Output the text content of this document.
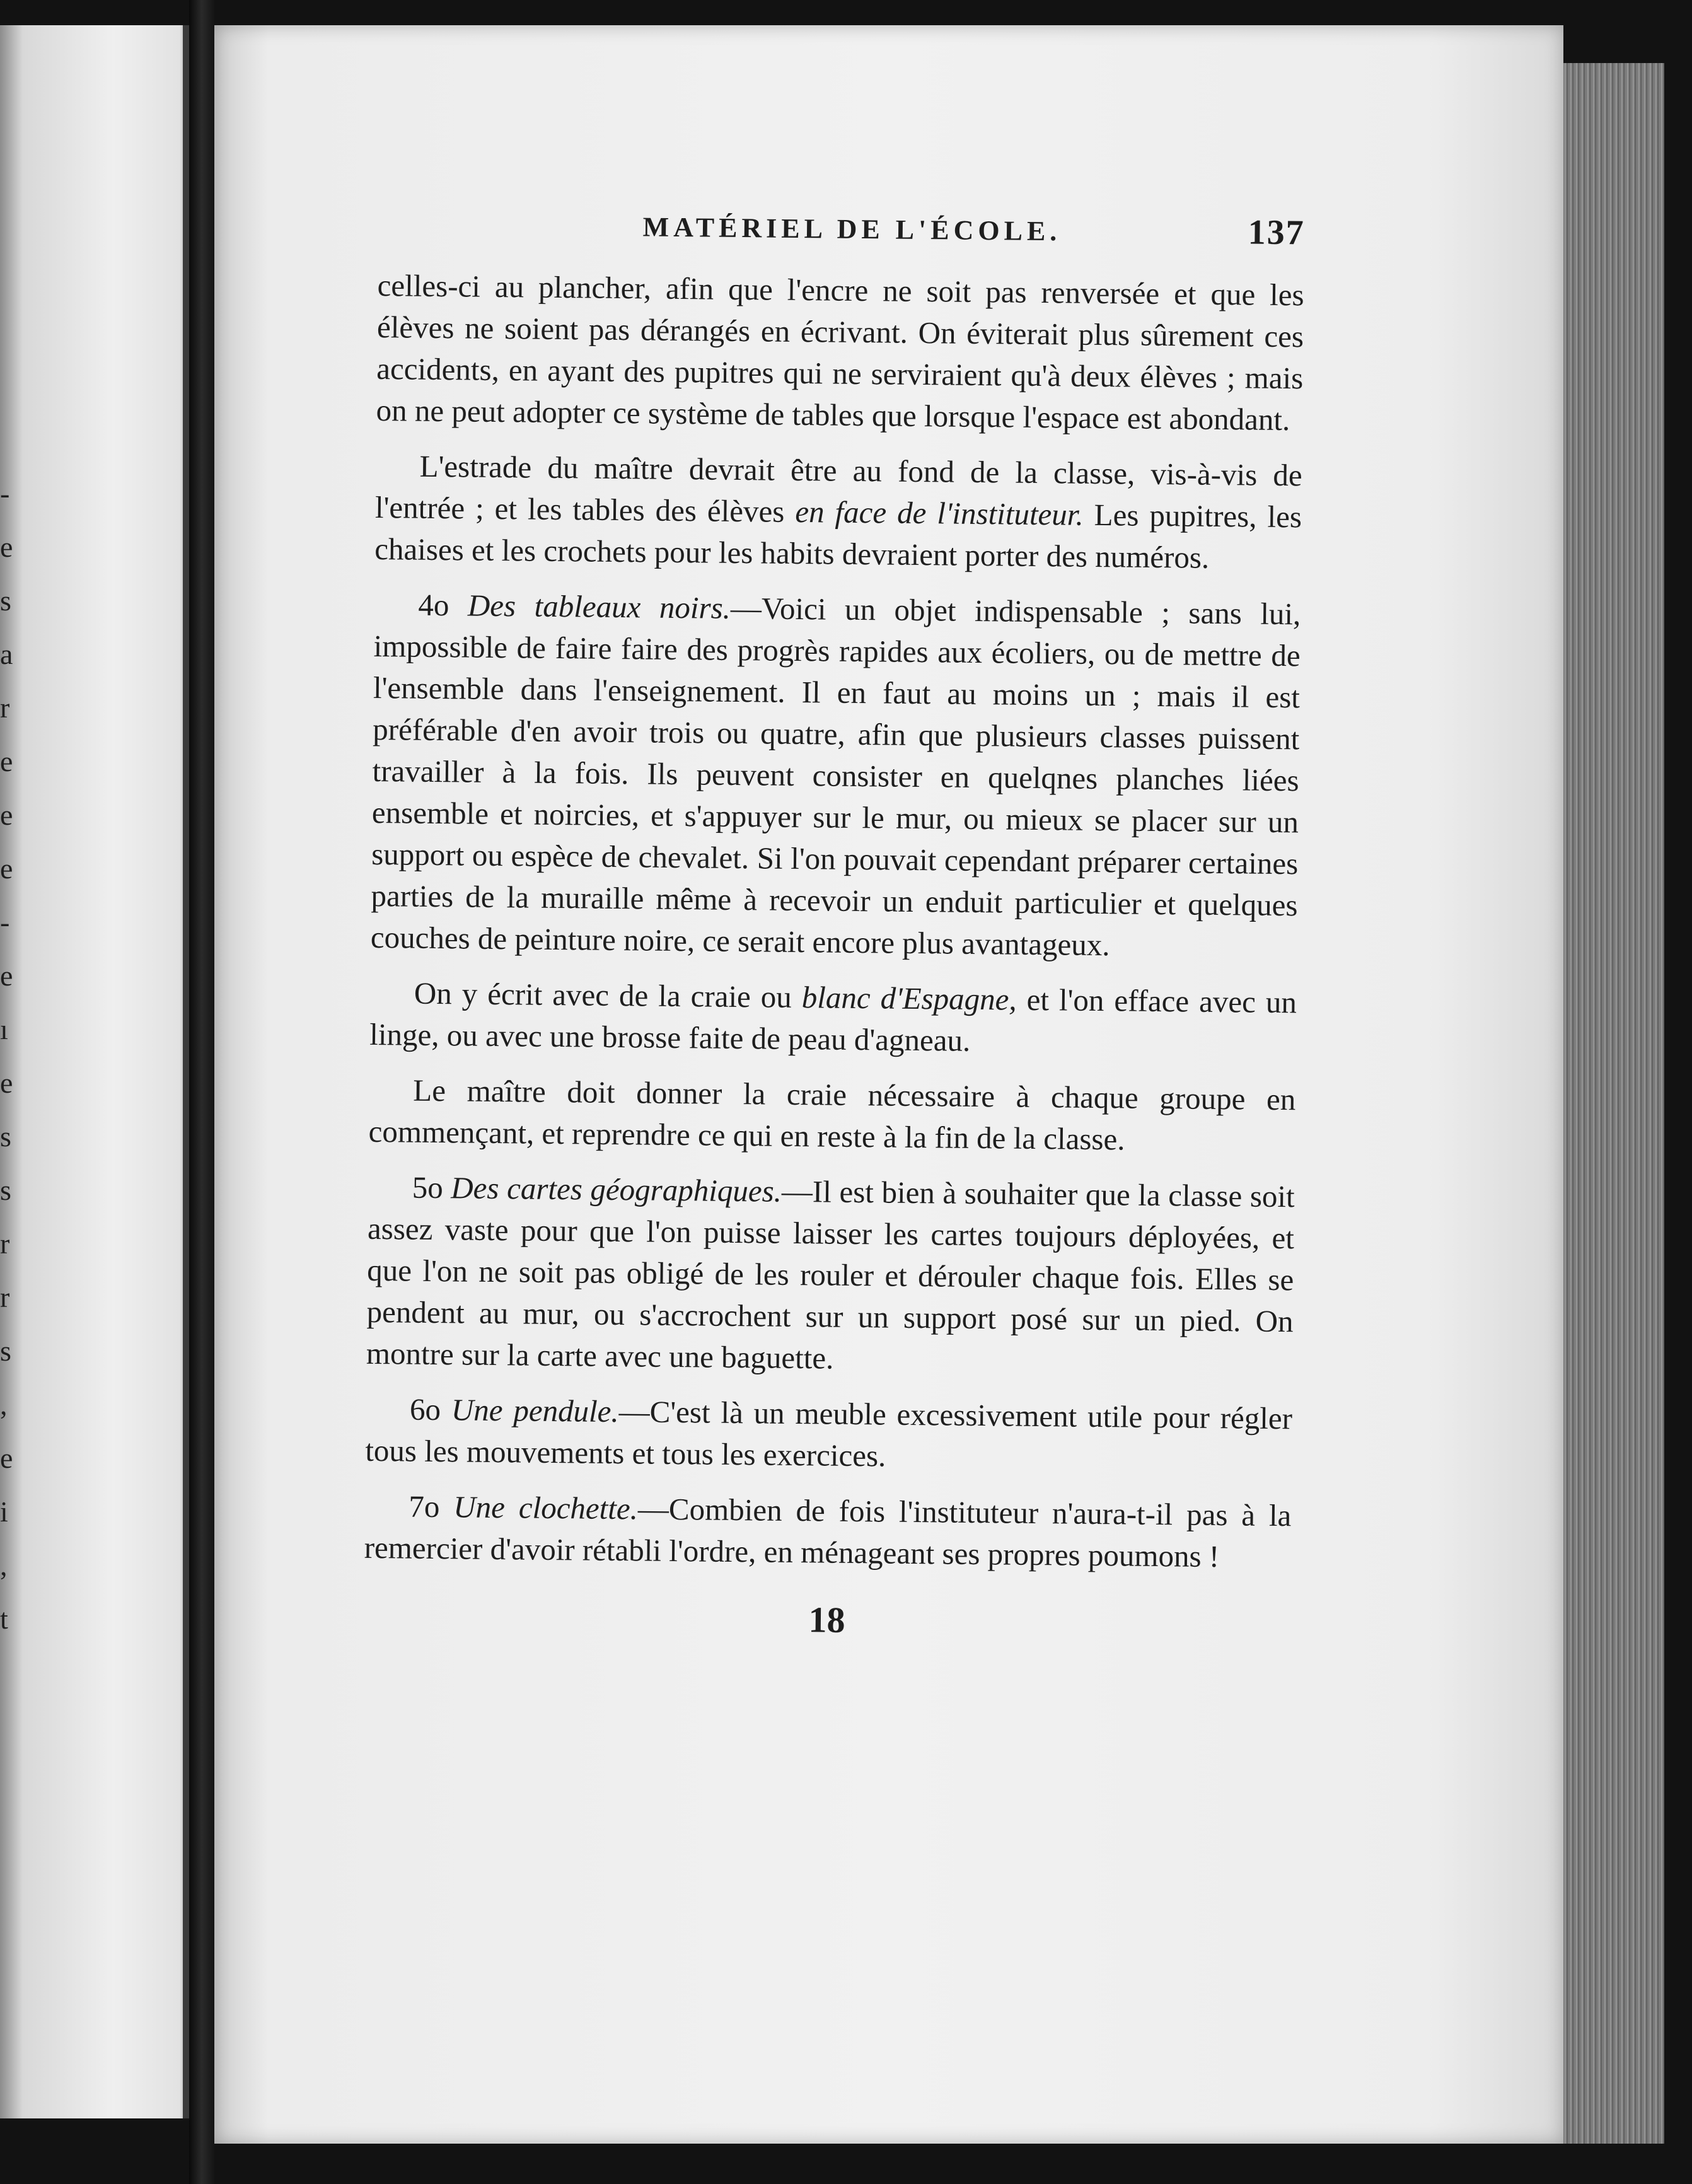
-
e
s
a
r
e
e
e
-
e
ı
e
s
s
r
r
s
,
e
i
,
t
MATÉRIEL DE L'ÉCOLE.	137

celles-ci au plancher, afin que l'encre ne soit pas renversée et que les élèves ne soient pas dérangés en écrivant. On éviterait plus sûrement ces accidents, en ayant des pupitres qui ne serviraient qu'à deux élèves ; mais on ne peut adopter ce système de tables que lorsque l'espace est abondant.

L'estrade du maître devrait être au fond de la classe, vis-à-vis de l'entrée ; et les tables des élèves en face de l'instituteur. Les pupitres, les chaises et les crochets pour les habits devraient porter des numéros.

4o Des tableaux noirs.—Voici un objet indispensable ; sans lui, impossible de faire faire des progrès rapides aux écoliers, ou de mettre de l'ensemble dans l'enseignement. Il en faut au moins un ; mais il est préférable d'en avoir trois ou quatre, afin que plusieurs classes puissent travailler à la fois. Ils peuvent consister en quelqnes planches liées ensemble et noircies, et s'appuyer sur le mur, ou mieux se placer sur un support ou espèce de chevalet. Si l'on pouvait cependant préparer certaines parties de la muraille même à recevoir un enduit particulier et quelques couches de peinture noire, ce serait encore plus avantageux.

On y écrit avec de la craie ou blanc d'Espagne, et l'on efface avec un linge, ou avec une brosse faite de peau d'agneau.

Le maître doit donner la craie nécessaire à chaque groupe en commençant, et reprendre ce qui en reste à la fin de la classe.

5o Des cartes géographiques.—Il est bien à souhaiter que la classe soit assez vaste pour que l'on puisse laisser les cartes toujours déployées, et que l'on ne soit pas obligé de les rouler et dérouler chaque fois. Elles se pendent au mur, ou s'accrochent sur un support posé sur un pied. On montre sur la carte avec une baguette.

6o Une pendule.—C'est là un meuble excessivement utile pour régler tous les mouvements et tous les exercices.

7o Une clochette.—Combien de fois l'instituteur n'aura-t-il pas à la remercier d'avoir rétabli l'ordre, en ménageant ses propres poumons !

18
